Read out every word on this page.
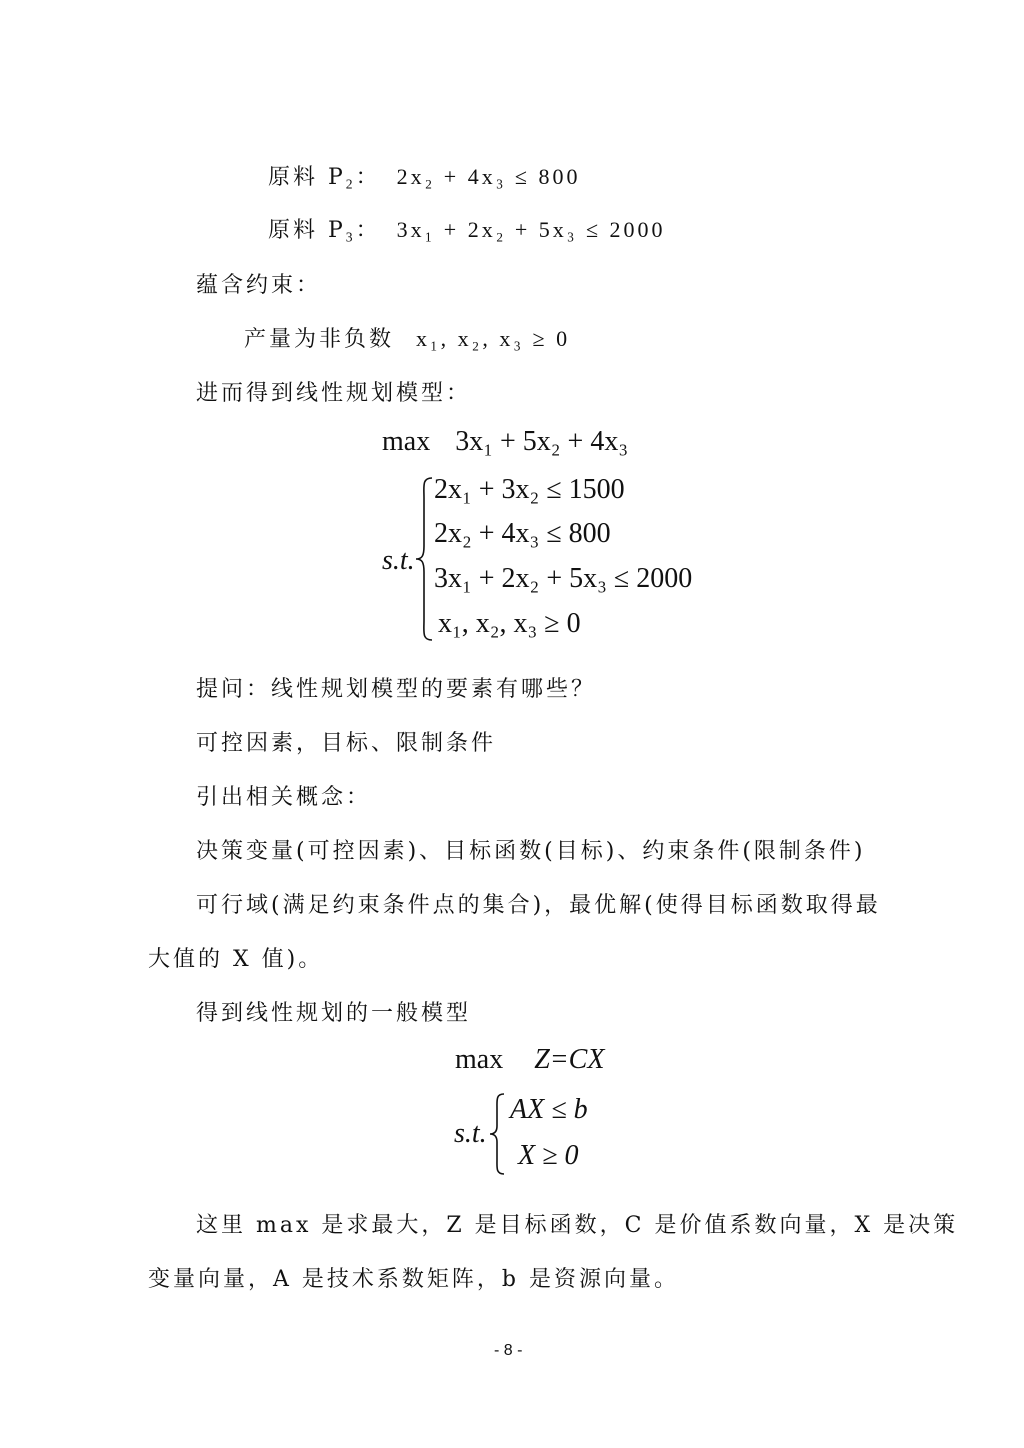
原料 $P_2$： 2x₂ + 4x₃ ≤ 800
原料 $P_3$： 3x₁ + 2x₂ + 5x₃ ≤ 2000
蕴含约束：
产量为非负数 x₁, x₂, x₃ ≥ 0
进而得到线性规划模型：
max 3x₁ + 5x₂ + 4x₃
s.t.
2x₁ + 3x₂ ≤ 1500
2x₂ + 4x₃ ≤ 800
3x₁ + 2x₂ + 5x₃ ≤ 2000
x₁, x₂, x₃ ≥ 0
提问：线性规划模型的要素有哪些？
可控因素，目标、限制条件
引出相关概念：
决策变量(可控因素)、目标函数(目标)、约束条件(限制条件)
可行域(满足约束条件点的集合)，最优解(使得目标函数取得最
大值的 X 值)。
得到线性规划的一般模型
max Z=CX
s.t.
AX ≤ b
X ≥ 0
这里 max 是求最大，Z 是目标函数，C 是价值系数向量，X 是决策
变量向量，A 是技术系数矩阵，b 是资源向量。
- 8 -
